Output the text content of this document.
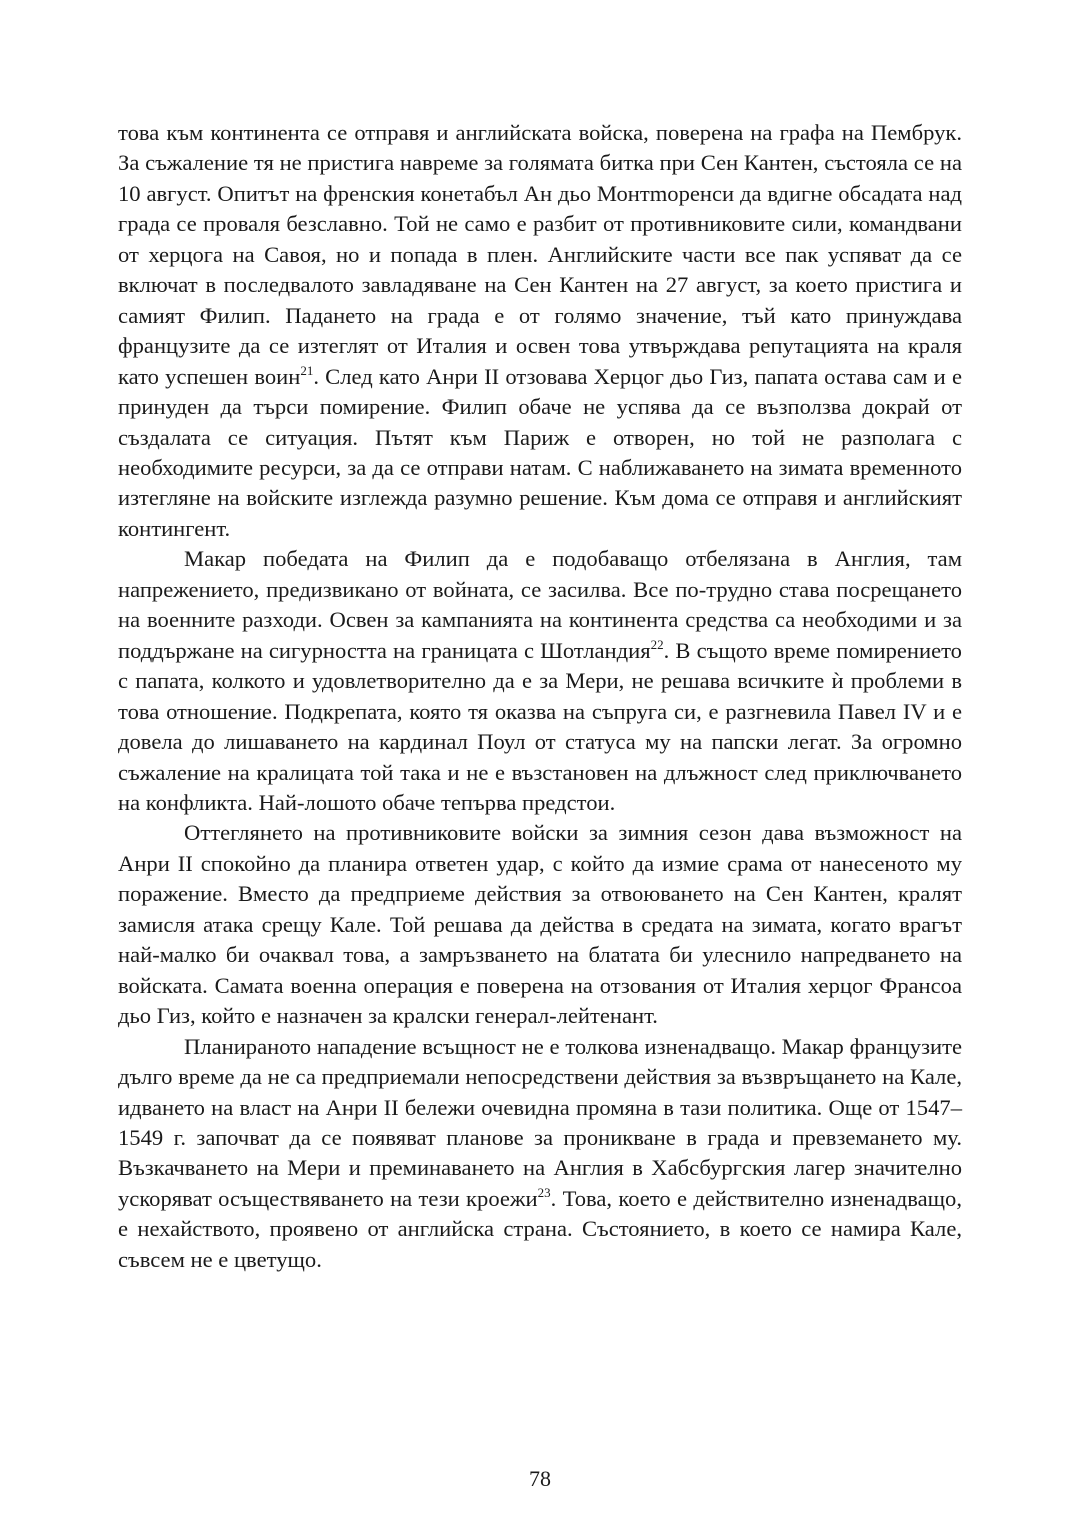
това към континента се отправя и английската войска, поверена на графа на Пембрук. За съжаление тя не пристига навреме за голямата битка при Сен Кантен, състояла се на 10 август. Опитът на френския конетабъл Ан дьо Монтmоренси да вдигне обсадата над града се проваля безславно. Той не само е разбит от противниковите сили, командвани от херцога на Савоя, но и попада в плен. Английските части все пак успяват да се включат в последвалото завладяване на Сен Кантен на 27 август, за което пристига и самият Филип. Падането на града е от голямо значение, тъй като принуждава французите да се изтеглят от Италия и освен това утвърждава репутацията на краля като успешен воин$^{21}$. След като Анри II отзовава Херцог дьо Гиз, папата остава сам и е принуден да търси помирение. Филип обаче не успява да се възползва докрай от създалата се ситуация. Пътят към Париж е отворен, но той не разполага с необходимите ресурси, за да се отправи натам. С наближаването на зимата временното изтегляне на войските изглежда разумно решение. Към дома се отправя и английският контингент.

Макар победата на Филип да е подобаващо отбелязана в Англия, там напрежението, предизвикано от войната, се засилва. Все по-трудно става посрещането на военните разходи. Освен за кампанията на континента средства са необходими и за поддържане на сигурността на границата с Шотландия$^{22}$. В същото време помирението с папата, колкото и удовлетворително да е за Мери, не решава всичките ѝ проблеми в това отношение. Подкрепата, която тя оказва на съпруга си, е разгневила Павел IV и е довела до лишаването на кардинал Поул от статуса му на папски легат. За огромно съжаление на кралицата той така и не е възстановен на длъжност след приключването на конфликта. Най-лошото обаче тепърва предстои.

Оттеглянето на противниковите войски за зимния сезон дава възможност на Анри II спокойно да планира ответен удар, с който да измие срама от нанесеното му поражение. Вместо да предприеме действия за отвоюването на Сен Кантен, кралят замисля атака срещу Кале. Той решава да действа в средата на зимата, когато врагът най-малко би очаквал това, а замръзването на блатата би улеснило напредването на войската. Самата военна операция е поверена на отзования от Италия херцог Франсоа дьо Гиз, който е назначен за кралски генерал-лейтенант.

Планираното нападение всъщност не е толкова изненадващо. Макар французите дълго време да не са предприемали непосредствени действия за възвръщането на Кале, идването на власт на Анри II бележи очевидна промяна в тази политика. Още от 1547–1549 г. започват да се появяват планове за проникване в града и превземането му. Възкачването на Мери и преминаването на Англия в Хабсбургския лагер значително ускоряват осъществяването на тези кроежи$^{23}$. Това, което е действително изненадващо, е нехайството, проявено от английска страна. Състоянието, в което се намира Кале, съвсем не е цветущо.

78
